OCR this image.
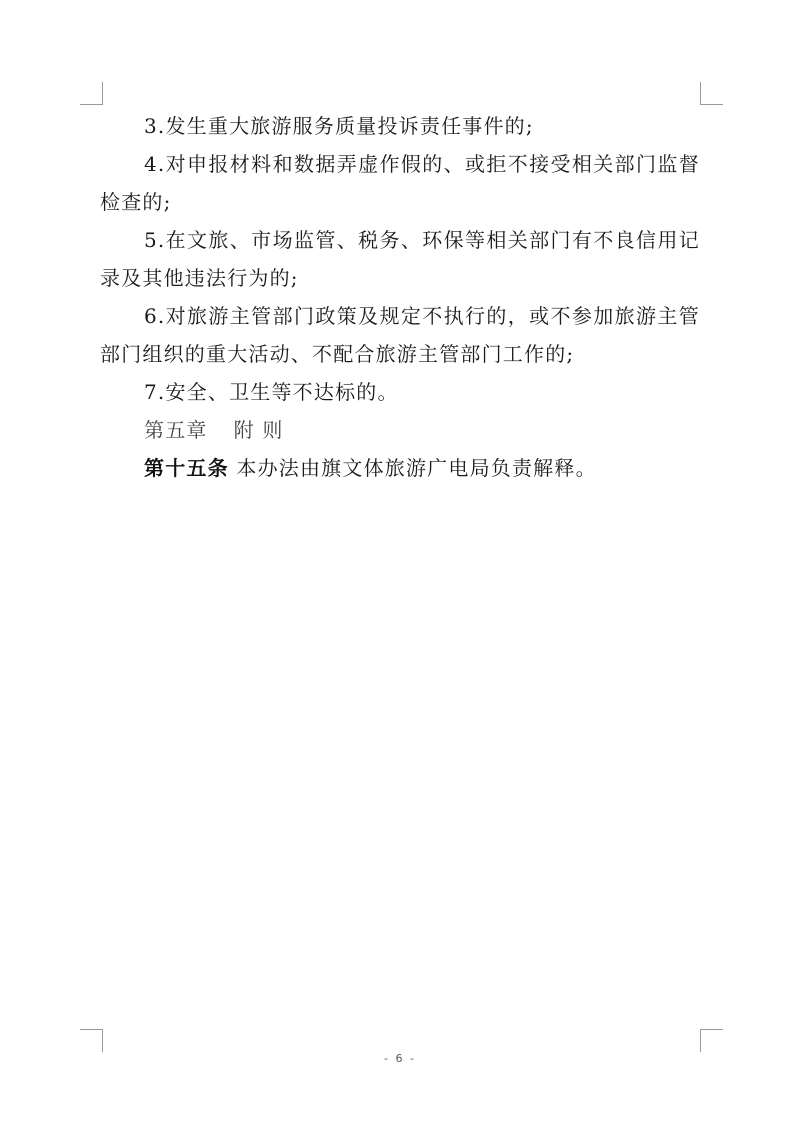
3.发生重大旅游服务质量投诉责任事件的;

4.对申报材料和数据弄虚作假的、或拒不接受相关部门监督检查的;

5.在文旅、市场监管、税务、环保等相关部门有不良信用记录及其他违法行为的;

6.对旅游主管部门政策及规定不执行的，或不参加旅游主管部门组织的重大活动、不配合旅游主管部门工作的;

7.安全、卫生等不达标的。

第五章 附 则

第十五条 本办法由旗文体旅游广电局负责解释。

- 6 -
